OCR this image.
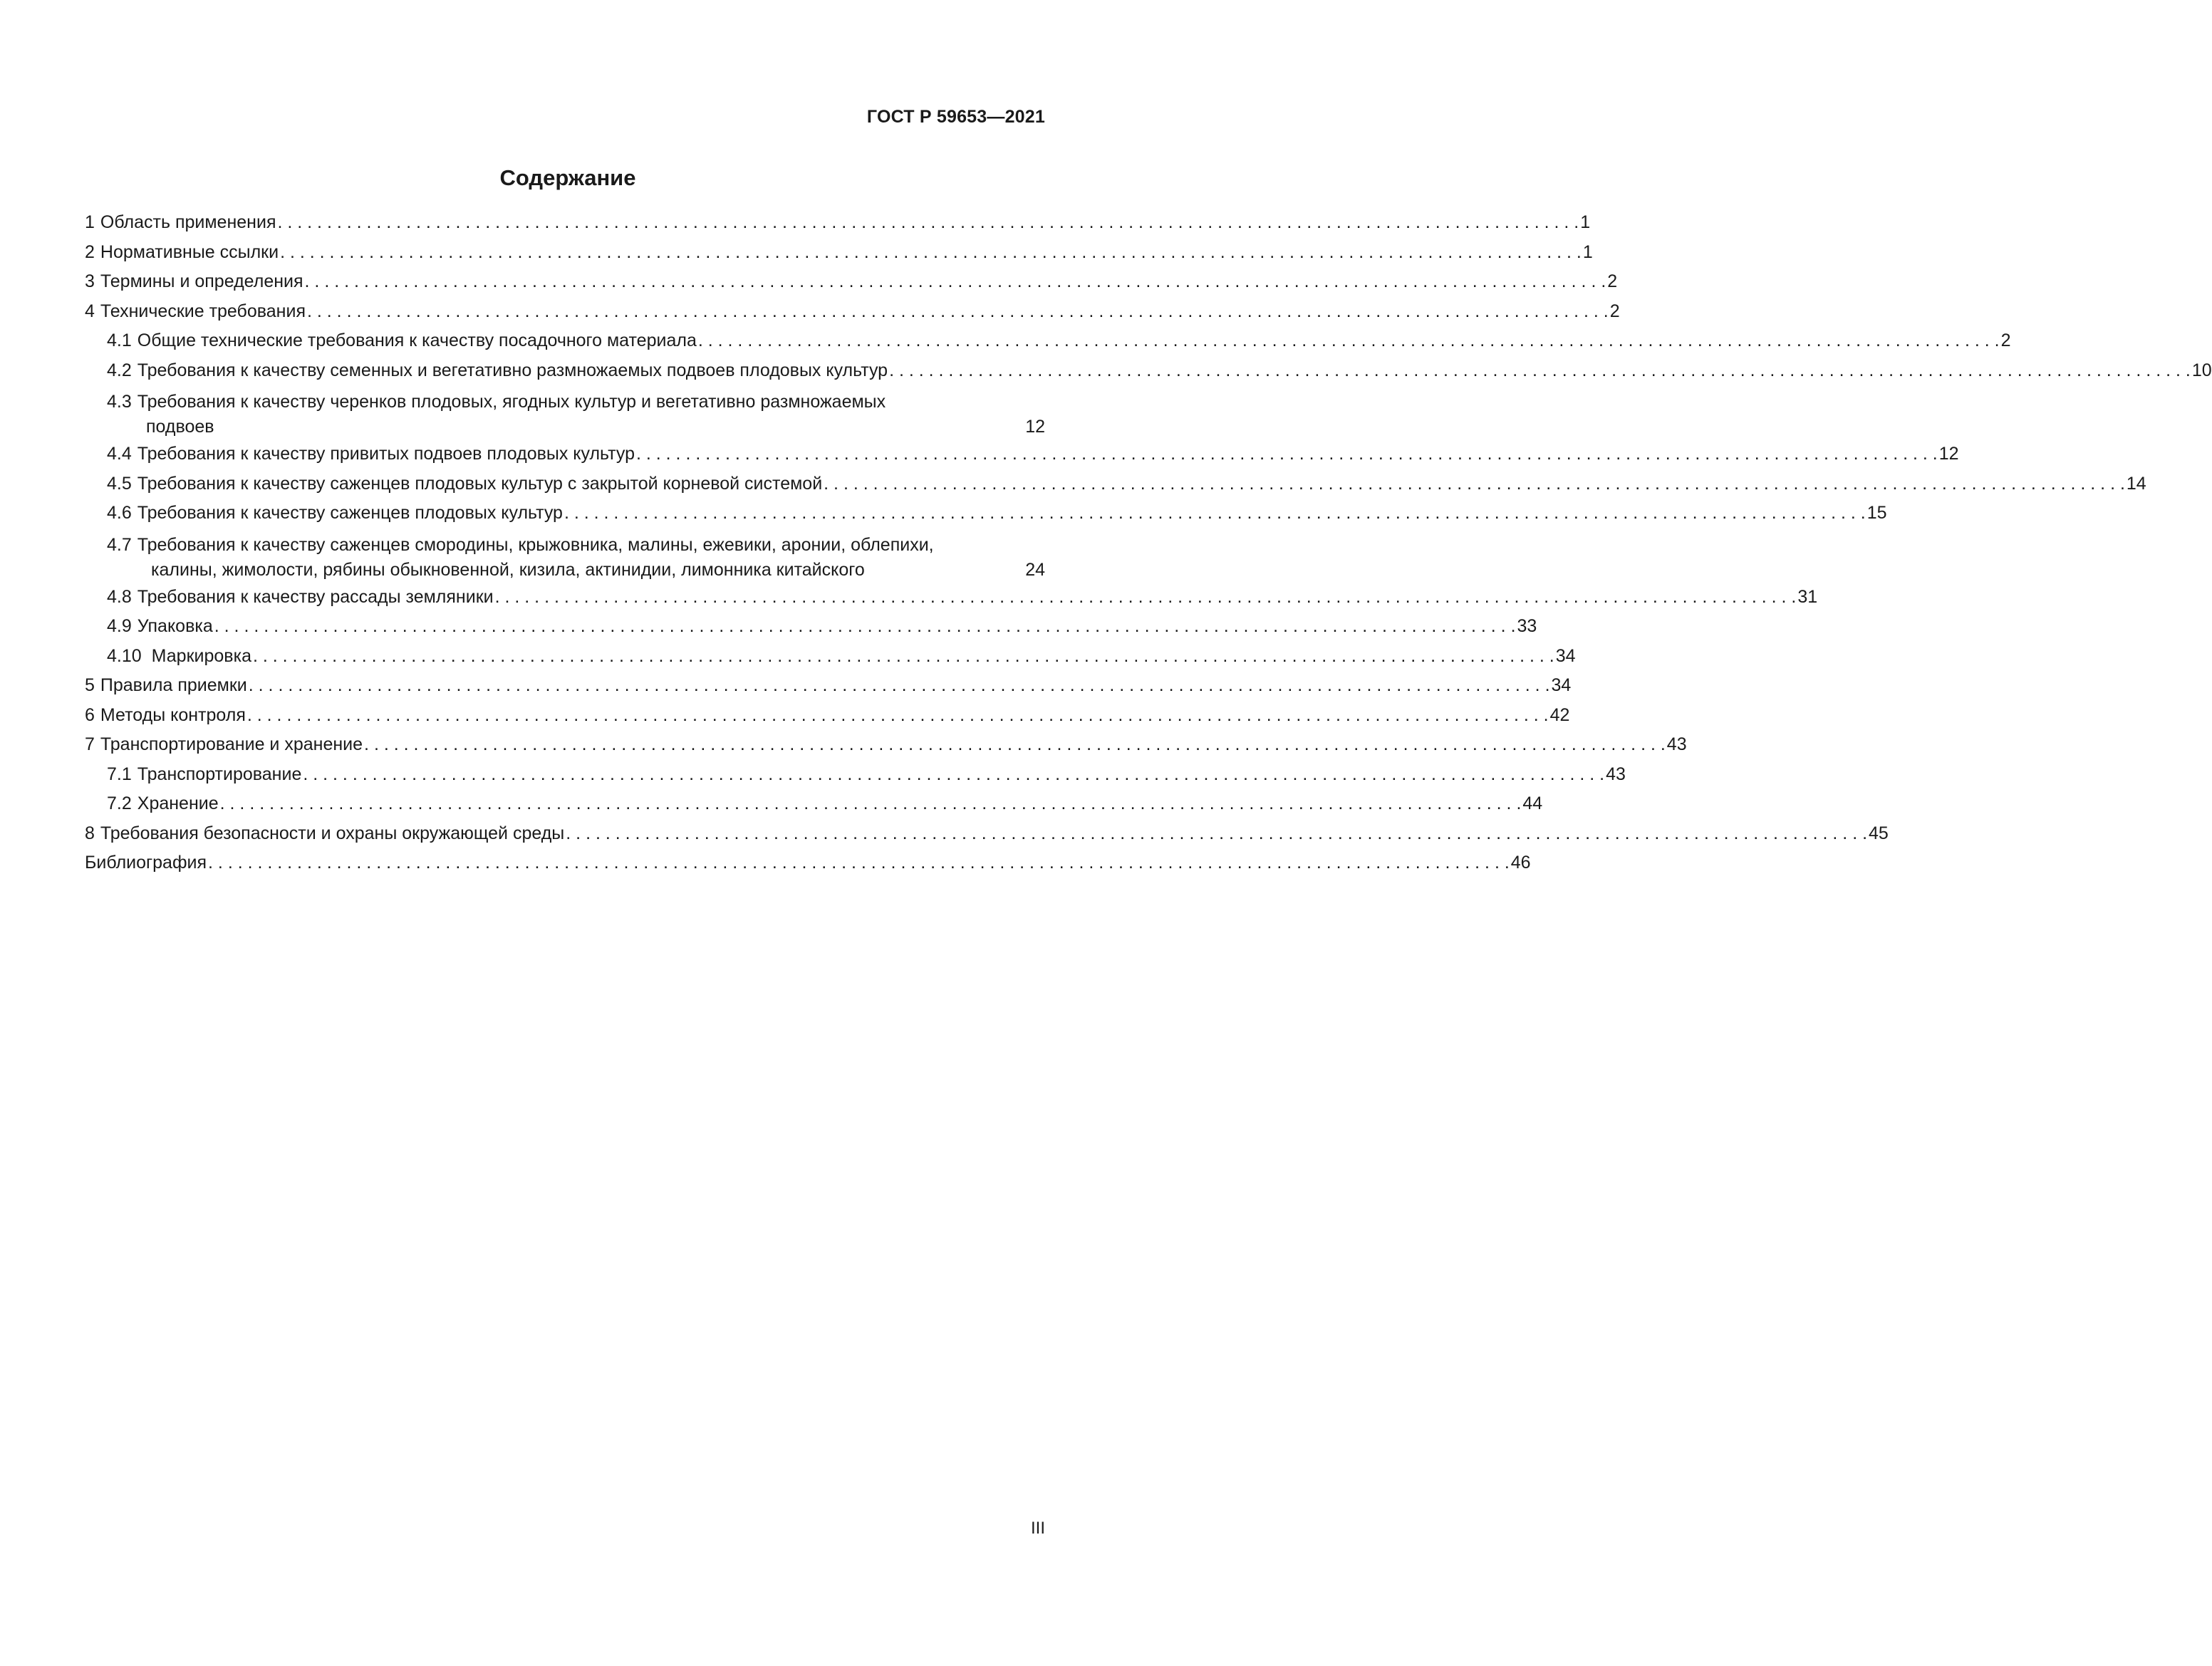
ГОСТ Р 59653—2021
Содержание
1 Область применения . . .	1
2 Нормативные ссылки . . .	1
3 Термины и определения . . .	2
4 Технические требования . . .	2
4.1 Общие технические требования к качеству посадочного материала . . .	2
4.2 Требования к качеству семенных и вегетативно размножаемых подвоев плодовых культур . . .	10
4.3 Требования к качеству черенков плодовых, ягодных культур и вегетативно размножаемых
подвоев	12
4.4 Требования к качеству привитых подвоев плодовых культур . . .	12
4.5 Требования к качеству саженцев плодовых культур с закрытой корневой системой . . .	14
4.6 Требования к качеству саженцев плодовых культур . . .	15
4.7 Требования к качеству саженцев смородины, крыжовника, малины, ежевики, аронии, облепихи,
калины, жимолости, рябины обыкновенной, кизила, актинидии, лимонника китайского	24
4.8 Требования к качеству рассады земляники . . .	31
4.9 Упаковка . . .	33
4.10 Маркировка . . .	34
5 Правила приемки . . .	34
6 Методы контроля . . .	42
7 Транспортирование и хранение . . .	43
7.1 Транспортирование . . .	43
7.2 Хранение . . .	44
8 Требования безопасности и охраны окружающей среды . . .	45
Библиография . . .	46
III
